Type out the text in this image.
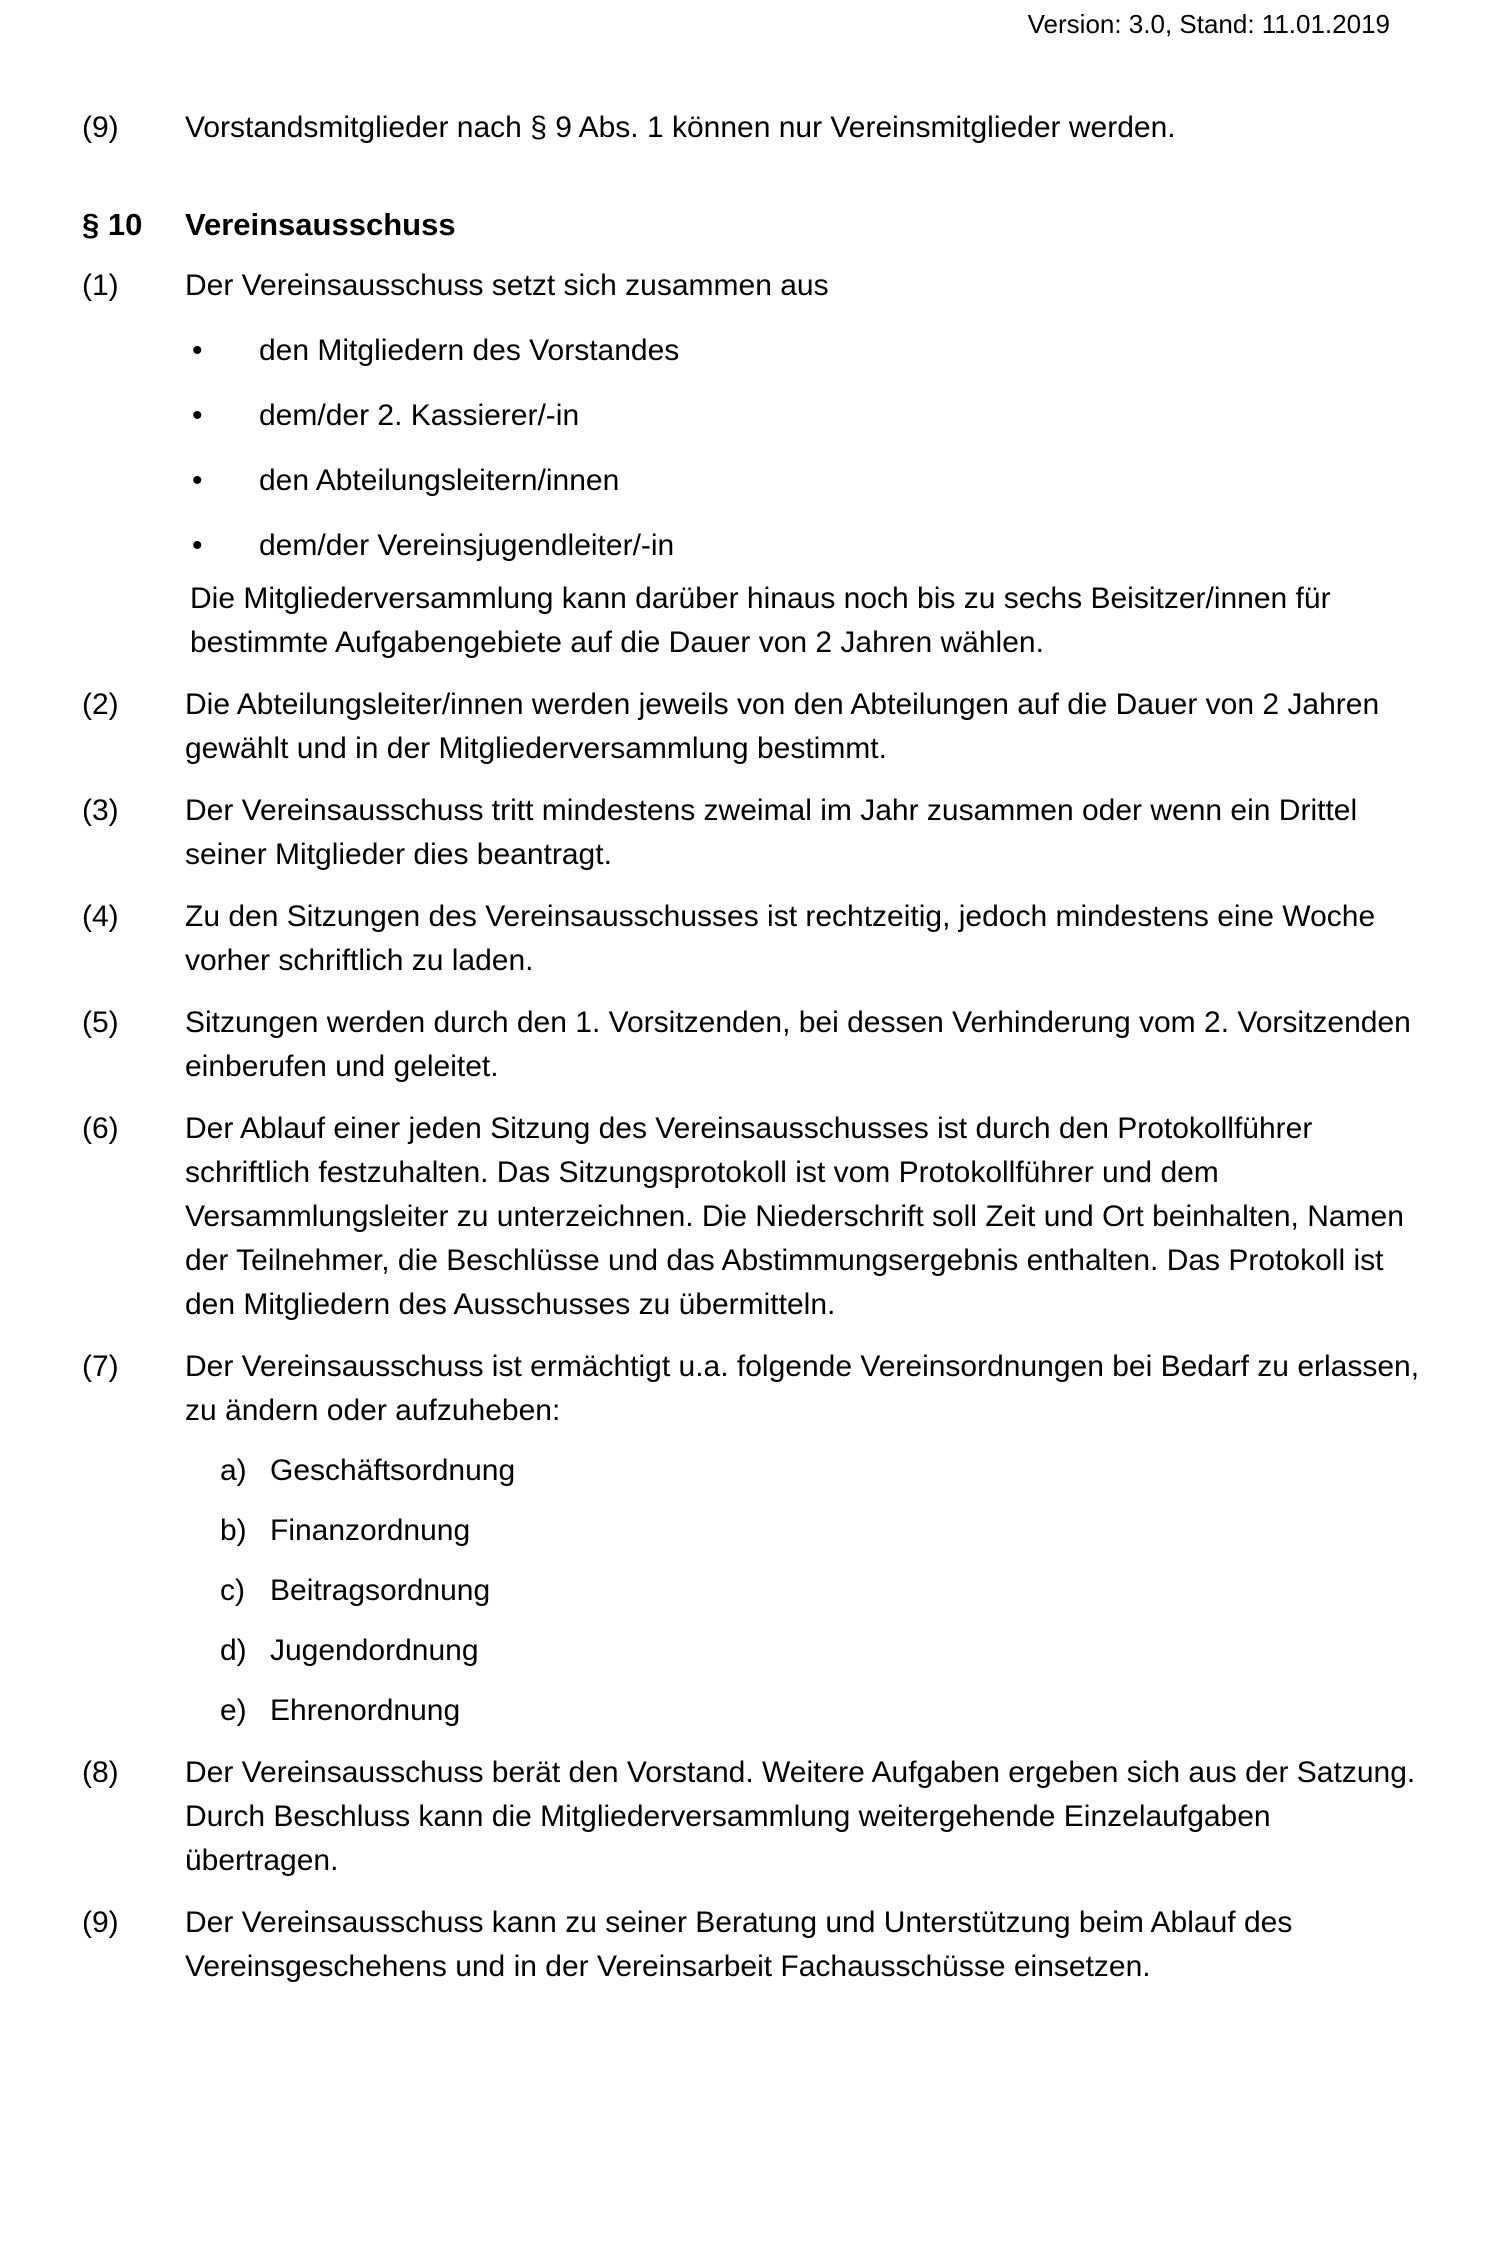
Version: 3.0, Stand: 11.01.2019
(9)	Vorstandsmitglieder nach § 9 Abs. 1 können nur Vereinsmitglieder werden.
§ 10	Vereinsausschuss
(1)	Der Vereinsausschuss setzt sich zusammen aus
•	den Mitgliedern des Vorstandes
•	dem/der 2. Kassierer/-in
•	den Abteilungsleitern/innen
•	dem/der Vereinsjugendleiter/-in
Die Mitgliederversammlung kann darüber hinaus noch bis zu sechs Beisitzer/innen für bestimmte Aufgabengebiete auf die Dauer von 2 Jahren wählen.
(2)	Die Abteilungsleiter/innen werden jeweils von den Abteilungen auf die Dauer von 2 Jahren gewählt und in der Mitgliederversammlung bestimmt.
(3)	Der Vereinsausschuss tritt mindestens zweimal im Jahr zusammen oder wenn ein Drittel seiner Mitglieder dies beantragt.
(4)	Zu den Sitzungen des Vereinsausschusses ist rechtzeitig, jedoch mindestens eine Woche vorher schriftlich zu laden.
(5)	Sitzungen werden durch den 1. Vorsitzenden, bei dessen Verhinderung vom 2. Vorsitzenden einberufen und geleitet.
(6)	Der Ablauf einer jeden Sitzung des Vereinsausschusses ist durch den Protokollführer schriftlich festzuhalten. Das Sitzungsprotokoll ist vom Protokollführer und dem Versammlungsleiter zu unterzeichnen. Die Niederschrift soll Zeit und Ort beinhalten, Namen der Teilnehmer, die Beschlüsse und das Abstimmungsergebnis enthalten. Das Protokoll ist den Mitgliedern des Ausschusses zu übermitteln.
(7)	Der Vereinsausschuss ist ermächtigt u.a. folgende Vereinsordnungen bei Bedarf zu erlassen, zu ändern oder aufzuheben:
a) Geschäftsordnung
b) Finanzordnung
c) Beitragsordnung
d) Jugendordnung
e) Ehrenordnung
(8)	Der Vereinsausschuss berät den Vorstand. Weitere Aufgaben ergeben sich aus der Satzung. Durch Beschluss kann die Mitgliederversammlung weitergehende Einzelaufgaben übertragen.
(9)	Der Vereinsausschuss kann zu seiner Beratung und Unterstützung beim Ablauf des Vereinsgeschehens und in der Vereinsarbeit Fachausschüsse einsetzen.
